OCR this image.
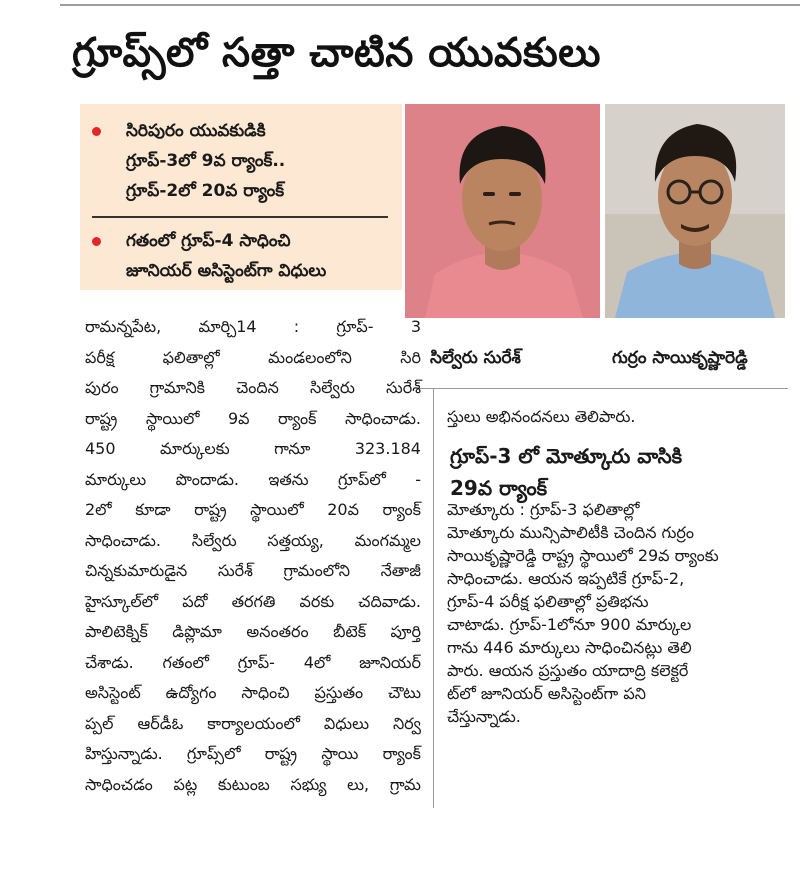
గ్రూప్స్‌లో సత్తా చాటిన యువకులు
సిరిపురం యువకుడికి
గ్రూప్-3లో 9వ ర్యాంక్..
గ్రూప్-2లో 20వ ర్యాంక్
గతంలో గ్రూప్-4 సాధించి
జూనియర్ అసిస్టెంట్‌గా విధులు
సిల్వేరు సురేశ్	గుర్రం సాయికృష్ణారెడ్డి
రామన్నపేట, మార్చి14 : గ్రూప్- 3
పరీక్ష ఫలితాల్లో మండలంలోని సిరి
పురం గ్రామానికి చెందిన సిల్వేరు సురేశ్
రాష్ట్ర స్థాయిలో 9వ ర్యాంక్ సాధించాడు.
450 మార్కులకు గానూ 323.184
మార్కులు పొందాడు. ఇతను గ్రూప్‌లో -
2లో కూడా రాష్ట్ర స్థాయిలో 20వ ర్యాంక్
సాధించాడు. సిల్వేరు సత్తయ్య, మంగమ్మల
చిన్నకుమారుడైన సురేశ్ గ్రామంలోని నేతాజీ
హైస్కూల్‌లో పదో తరగతి వరకు చదివాడు.
పాలిటెక్నిక్ డిప్లొమా అనంతరం బీటెక్ పూర్తి
చేశాడు. గతంలో గ్రూప్- 4లో జూనియర్
అసిస్టెంట్ ఉద్యోగం సాధించి ప్రస్తుతం చౌటు
ప్పల్ ఆర్‌డీఓ కార్యాలయంలో విధులు నిర్వ
హిస్తున్నాడు. గ్రూప్స్‌లో రాష్ట్ర స్థాయి ర్యాంక్
సాధించడం పట్ల కుటుంబ సభ్యు లు, గ్రామ
స్తులు అభినందనలు తెలిపారు.
గ్రూప్-3 లో మోత్కూరు వాసికి
29వ ర్యాంక్
మోత్కూరు : గ్రూప్-3 ఫలితాల్లో
మోత్కూరు మున్సిపాలిటీకి చెందిన గుర్రం
సాయికృష్ణారెడ్డి రాష్ట్ర స్థాయిలో 29వ ర్యాంకు
సాధించాడు. ఆయన ఇప్పటికే గ్రూప్-2,
గ్రూప్-4 పరీక్ష ఫలితాల్లో ప్రతిభను
చాటాడు. గ్రూప్-1లోనూ 900 మార్కుల
గాను 446 మార్కులు సాధించినట్లు తెలి
పారు. ఆయన ప్రస్తుతం యాదాద్రి కలెక్టరే
ట్‌లో జూనియర్ అసిస్టెంట్‌గా పని
చేస్తున్నాడు.
